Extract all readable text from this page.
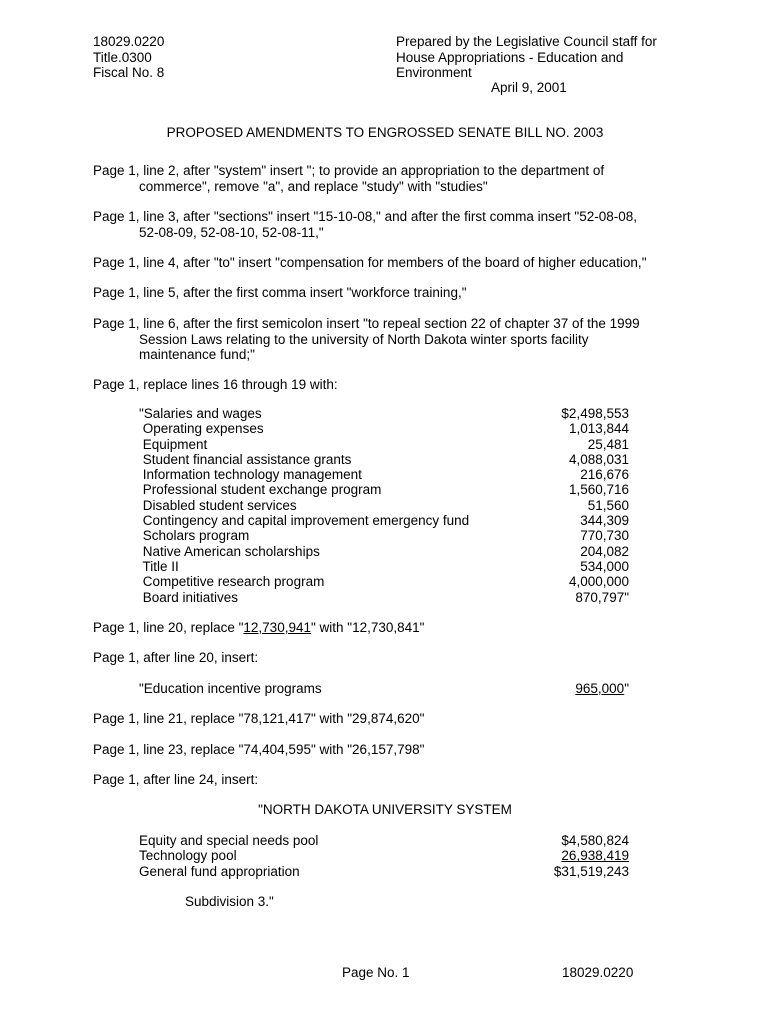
18029.0220
Title.0300
Fiscal No. 8
Prepared by the Legislative Council staff for
House Appropriations - Education and
Environment
April 9, 2001
PROPOSED AMENDMENTS TO ENGROSSED SENATE BILL NO. 2003
Page 1, line 2, after "system" insert "; to provide an appropriation to the department of
commerce", remove "a", and replace "study" with "studies"
Page 1, line 3, after "sections" insert "15-10-08," and after the first comma insert "52-08-08,
52-08-09, 52-08-10, 52-08-11,"
Page 1, line 4, after "to" insert "compensation for members of the board of higher education,"
Page 1, line 5, after the first comma insert "workforce training,"
Page 1, line 6, after the first semicolon insert "to repeal section 22 of chapter 37 of the 1999
Session Laws relating to the university of North Dakota winter sports facility
maintenance fund;"
Page 1, replace lines 16 through 19 with:
"Salaries and wages	$2,498,553
Operating expenses	1,013,844
Equipment	25,481
Student financial assistance grants	4,088,031
Information technology management	216,676
Professional student exchange program	1,560,716
Disabled student services	51,560
Contingency and capital improvement emergency fund	344,309
Scholars program	770,730
Native American scholarships	204,082
Title II	534,000
Competitive research program	4,000,000
Board initiatives	870,797"
Page 1, line 20, replace "12,730,941" with "12,730,841"
Page 1, after line 20, insert:
"Education incentive programs	965,000"
Page 1, line 21, replace "78,121,417" with "29,874,620"
Page 1, line 23, replace "74,404,595" with "26,157,798"
Page 1, after line 24, insert:
"NORTH DAKOTA UNIVERSITY SYSTEM
Equity and special needs pool	$4,580,824
Technology pool	26,938,419
General fund appropriation	$31,519,243
Subdivision 3."
Page No. 1	18029.0220
